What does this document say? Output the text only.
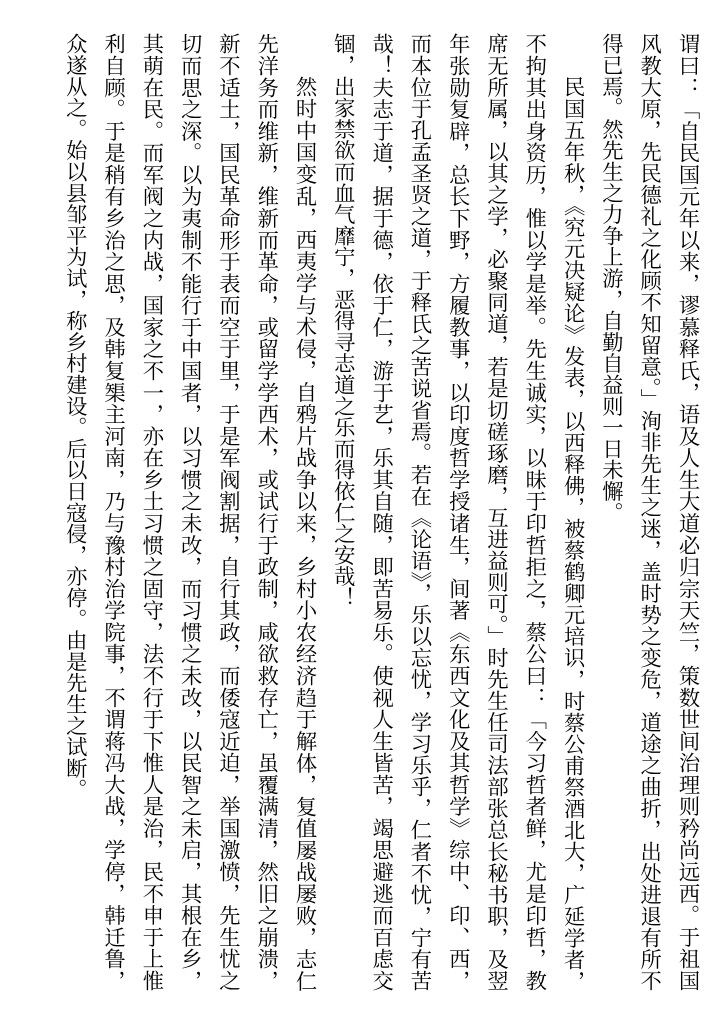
谓曰：「自民国元年以来，谬慕释氏，语及人生大道必归宗天竺，策数世间治理则矜尚远西。于祖国风教大原，先民德礼之化顾不知留意。」洵非先生之迷，盖时势之变危，道途之曲折，出处进退有所不得已焉。然先生之力争上游，自勤自益则一日未懈。

民国五年秋，《究元决疑论》发表，以西释佛，被蔡鹤卿元培识，时蔡公甫祭酒北大，广延学者，不拘其出身资历，惟以学是举。先生诚实，以昧于印哲拒之，蔡公曰：「今习哲者鲜，尤是印哲，教席无所属，以其之学，必聚同道，若是切磋琢磨，互进益则可。」时先生任司法部张总长秘书职，及翌年张勋复辟，总长下野，方履教事，以印度哲学授诸生，间著《东西文化及其哲学》综中、印、西，而本位于孔孟圣贤之道，于释氏之苦说省焉。若在《论语》，乐以忘忧，学习乐乎，仁者不忧，宁有苦哉！夫志于道，据于德，依于仁，游于艺，乐其自随，即苦易乐。使视人生皆苦，竭思避逃而百虑交锢，出家禁欲而血气靡宁，恶得寻志道之乐而得依仁之安哉！

然时中国变乱，西夷学与术侵，自鸦片战争以来，乡村小农经济趋于解体，复值屡战屡败，志仁先洋务而维新，维新而革命，或留学学西术，或试行于政制，咸欲救存亡，虽覆满清，然旧之崩溃，新不适土，国民革命形于表而空于里，于是军阀割据，自行其政，而倭寇近迫，举国激愤，先生忧之切而思之深。以为夷制不能行于中国者，以习惯之未改，而习惯之未改，以民智之未启，其根在乡，其萌在民。而军阀之内战，国家之不一，亦在乡土习惯之固守，法不行于下惟人是治，民不申于上惟利自顾。于是稍有乡治之思，及韩复榘主河南，乃与豫村治学院事，不谓蒋冯大战，学停，韩迁鲁，众遂从之。始以县邹平为试，称乡村建设。后以日寇侵，亦停。由是先生之试断。
